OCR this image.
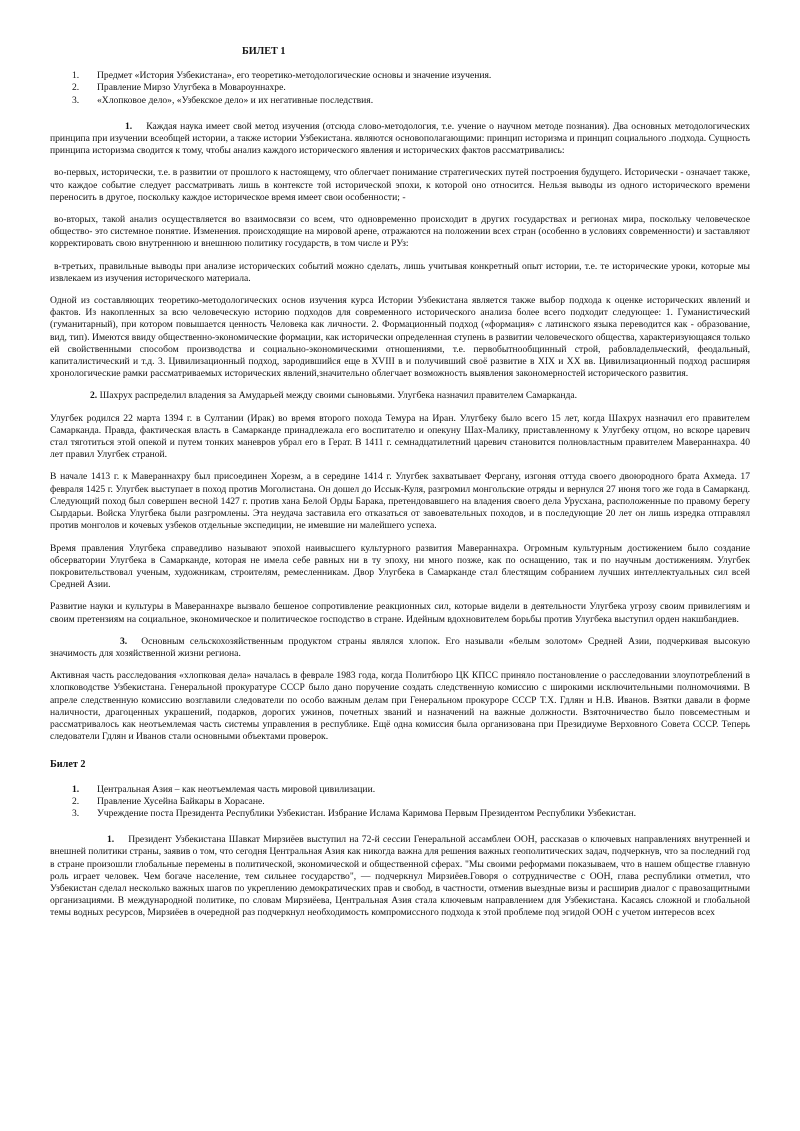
БИЛЕТ 1
1. Предмет «История Узбекистана», его теоретико-методологические основы и значение изучения.
2. Правление Мирзо Улугбека в Мовароуннахре.
3. «Хлопковое дело», «Узбекское дело» и их негативные последствия.

1. Каждая наука имеет свой метод изучения (отсюда слово-методология, т.е. учение о научном методе познания). Два основных методологических принципа при изучении всеобщей истории, а также истории Узбекистана. являются основополагающими: принцип историзма и принцип социального .подхода. Сущность принципа историзма сводится к тому, чтобы анализ каждого исторического явления и исторических фактов рассматривались:

во-первых, исторически, т.е. в развитии от прошлого к настоящему, что облегчает понимание стратегических путей построения будущего. Исторически - означает также, что каждое событие следует рассматривать лишь в контексте той исторической эпохи, к которой оно относится. Нельзя выводы из одного исторического времени переносить в другое, поскольку каждое историческое время имеет свои особенности; -

во-вторых, такой анализ осуществляется во взаимосвязи со всем, что одновременно происходит в других государствах и регионах мира, поскольку человеческое общество- это системное понятие. Изменения. происходящие на мировой арене, отражаются на положении всех стран (особенно в условиях современности) и заставляют корректировать свою внутреннюю и внешнюю политику государств, в том числе и РУз:

в-третьих, правильные выводы при анализе исторических событий можно сделать, лишь учитывая конкретный опыт истории, т.е. те исторические уроки, которые мы извлекаем из изучения исторического материала.

Одной из составляющих теоретико-методологических основ изучения курса Истории Узбекистана является также выбор подхода к оценке исторических явлений и фактов. Из накопленных за всю человеческую историю подходов для современного исторического анализа более всего подходит следующее: 1. Гуманистический (гуманитарный), при котором повышается ценность Человека как личности. 2. Формационный подход («формация» с латинского языка переводится как - образование, вид, тип). Имеются ввиду общественно-экономические формации, как исторически определенная ступень в развитии человеческого общества, характеризующаяся только ей свойственными способом производства и социально-экономическими отношениями, т.е. первобытнообщинный строй, рабовладельческий, феодальный, капиталистический и т.д. 3. Цивилизационный подход, зародившийся еще в XVIII в и получивший своё развитие в XIX и XX вв. Цивилизационный подход расширяя хронологические рамки рассматриваемых исторических явлений,значительно облегчает возможность выявления закономерностей исторического развития.

2. Шахрух распределил владения за Амударьей между своими сыновьями. Улугбека назначил правителем Самарканда.

Улугбек родился 22 марта 1394 г. в Султании (Ирак) во время второго похода Темура на Иран. Улугбеку было всего 15 лет, когда Шахрух назначил его правителем Самарканда. Правда, фактическая власть в Самарканде принадлежала его воспитателю и опекуну Шах-Малику, приставленному к Улугбеку отцом, но вскоре царевич стал тяготиться этой опекой и путем тонких маневров убрал его в Герат. В 1411 г. семнадцатилетний царевич становится полновластным правителем Мавераннахра. 40 лет правил Улугбек страной.

В начале 1413 г. к Мавераннахру был присоединен Хорезм, а в середине 1414 г. Улугбек захватывает Фергану, изгоняя оттуда своего двоюродного брата Ахмеда. 17 февраля 1425 г. Улугбек выступает в поход против Моголистана. Он дошел до Иссык-Куля, разгромил монгольские отряды и вернулся 27 июня того же года в Самарканд. Следующий поход был совершен весной 1427 г. против хана Белой Орды Барака, претендовавшего на владения своего дела Урусхана, расположенные по правому берегу Сырдарьи. Войска Улугбека были разгромлены. Эта неудача заставила его отказаться от завоевательных походов, и в последующие 20 лет он лишь изредка отправлял против монголов и кочевых узбеков отдельные экспедиции, не имевшие ни малейшего успеха.

Время правления Улугбека справедливо называют эпохой наивысшего культурного развития Мавераннахра. Огромным культурным достижением было создание обсерватории Улугбека в Самарканде, которая не имела себе равных ни в ту эпоху, ни много позже, как по оснащению, так и по научным достижениям. Улугбек покровительствовал ученым, художникам, строителям, ремесленникам. Двор Улугбека в Самарканде стал блестящим собранием лучших интеллектуальных сил всей Средней Азии.

Развитие науки и культуры в Мавераннахре вызвало бешеное сопротивление реакционных сил, которые видели в деятельности Улугбека угрозу своим привилегиям и своим претензиям на социальное, экономическое и политическое господство в стране. Идейным вдохновителем борьбы против Улугбека выступил орден накшбандиев.

3. Основным сельскохозяйственным продуктом страны являлся хлопок. Его называли «белым золотом» Средней Азии, подчеркивая высокую значимость для хозяйственной жизни региона.

Активная часть расследования «хлопковая дела» началась в феврале 1983 года, когда Политбюро ЦК КПСС приняло постановление о расследовании злоупотреблений в хлопководстве Узбекистана. Генеральной прокуратуре СССР было дано поручение создать следственную комиссию с широкими исключительными полномочиями. В апреле следственную комиссию возглавили следователи по особо важным делам при Генеральном прокуроре СССР Т.Х. Гдлян и Н.В. Иванов. Взятки давали в форме наличности, драгоценных украшений, подарков, дорогих ужинов, почетных званий и назначений на важные должности. Взяточничество было повсеместным и рассматривалось как неотъемлемая часть системы управления в республике. Ещё одна комиссия была организована при Президиуме Верховного Совета СССР. Теперь следователи Гдлян и Иванов стали основными объектами проверок.

Билет 2
1. Центральная Азия – как неотъемлемая часть мировой цивилизации.
2. Правление Хусейна Байкары в Хорасане.
3. Учреждение поста Президента Республики Узбекистан. Избрание Ислама Каримова Первым Президентом Республики Узбекистан.

1. Президент Узбекистана Шавкат Мирзиёев выступил на 72-й сессии Генеральной ассамблеи ООН, рассказав о ключевых направлениях внутренней и внешней политики страны, заявив о том, что сегодня Центральная Азия как никогда важна для решения важных геополитических задач, подчеркнув, что за последний год в стране произошли глобальные перемены в политической, экономической и общественной сферах. "Мы своими реформами показываем, что в нашем обществе главную роль играет человек. Чем богаче население, тем сильнее государство", — подчеркнул Мирзиёев.Говоря о сотрудничестве с ООН, глава республики отметил, что Узбекистан сделал несколько важных шагов по укреплению демократических прав и свобод, в частности, отменив выездные визы и расширив диалог с правозащитными организациями. В международной политике, по словам Мирзиёева, Центральная Азия стала ключевым направлением для Узбекистана. Касаясь сложной и глобальной темы водных ресурсов, Мирзиёев в очередной раз подчеркнул необходимость компромиссного подхода к этой проблеме под эгидой ООН с учетом интересов всех
